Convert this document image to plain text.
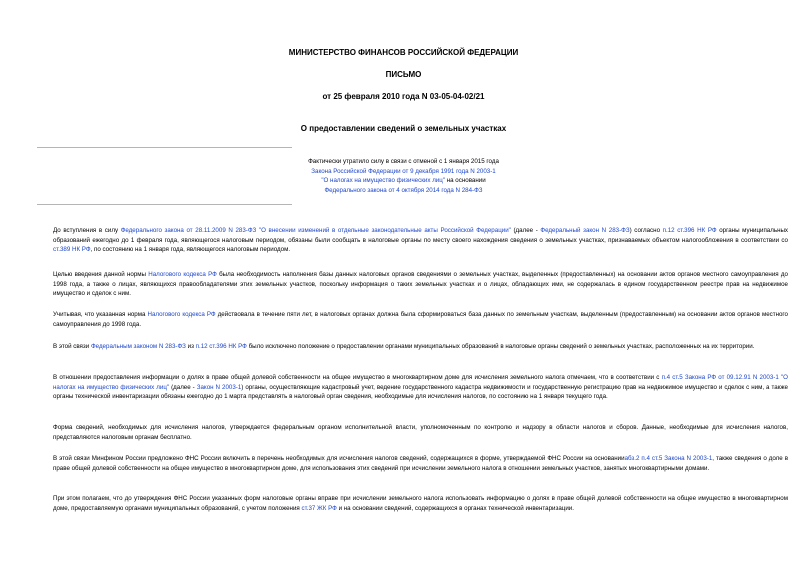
МИНИСТЕРСТВО ФИНАНСОВ РОССИЙСКОЙ ФЕДЕРАЦИИ
ПИСЬМО
от 25 февраля 2010 года N 03-05-04-02/21
О предоставлении сведений о земельных участках
Фактически утратило силу в связи с отменой с 1 января 2015 года
Закона Российской Федерации от 9 декабря 1991 года N 2003-1
"О налогах на имущество физических лиц" на основании
Федерального закона от 4 октября 2014 года N 284-ФЗ

До вступления в силу Федерального закона от 28.11.2009 N 283-ФЗ "О внесении изменений в отдельные законодательные акты Российской Федерации" (далее - Федеральный закон N 283-ФЗ) согласно п.12 ст.396 НК РФ органы муниципальных образований ежегодно до 1 февраля года, являющегося налоговым периодом, обязаны были сообщать в налоговые органы по месту своего нахождения сведения о земельных участках, признаваемых объектом налогообложения в соответствии со ст.389 НК РФ, по состоянию на 1 января года, являющегося налоговым периодом.

Целью введения данной нормы Налогового кодекса РФ была необходимость наполнения базы данных налоговых органов сведениями о земельных участках, выделенных (предоставленных) на основании актов органов местного самоуправления до 1998 года, а также о лицах, являющихся правообладателями этих земельных участков, поскольку информация о таких земельных участках и о лицах, обладающих ими, не содержалась в едином государственном реестре прав на недвижимое имущество и сделок с ним.

Учитывая, что указанная норма Налогового кодекса РФ действовала в течение пяти лет, в налоговых органах должна была сформироваться база данных по земельным участкам, выделенным (предоставленным) на основании актов органов местного самоуправления до 1998 года.

В этой связи Федеральным законом N 283-ФЗ из п.12 ст.396 НК РФ было исключено положение о предоставлении органами муниципальных образований в налоговые органы сведений о земельных участках, расположенных на их территории.

В отношении предоставления информации о долях в праве общей долевой собственности на общее имущество в многоквартирном доме для исчисления земельного налога отмечаем, что в соответствии с п.4 ст.5 Закона РФ от 09.12.91 N 2003-1 "О налогах на имущество физических лиц" (далее - Закон N 2003-1) органы, осуществляющие кадастровый учет, ведение государственного кадастра недвижимости и государственную регистрацию прав на недвижимое имущество и сделок с ним, а также органы технической инвентаризации обязаны ежегодно до 1 марта представлять в налоговый орган сведения, необходимые для исчисления налогов, по состоянию на 1 января текущего года.

Форма сведений, необходимых для исчисления налогов, утверждается федеральным органом исполнительной власти, уполномоченным по контролю и надзору в области налогов и сборов. Данные, необходимые для исчисления налогов, представляются налоговым органам бесплатно.

В этой связи Минфином России предложено ФНС России включить в перечень необходимых для исчисления налогов сведений, содержащихся в форме, утверждаемой ФНС России на основанииабз.2 п.4 ст.5 Закона N 2003-1, также сведения о доле в праве общей долевой собственности на общее имущество в многоквартирном доме, для использования этих сведений при исчислении земельного налога в отношении земельных участков, занятых многоквартирными домами.

При этом полагаем, что до утверждения ФНС России указанных форм налоговые органы вправе при исчислении земельного налога использовать информацию о долях в праве общей долевой собственности на общее имущество в многоквартирном доме, предоставляемую органами муниципальных образований, с учетом положения ст.37 ЖК РФ и на основании сведений, содержащихся в органах технической инвентаризации.
